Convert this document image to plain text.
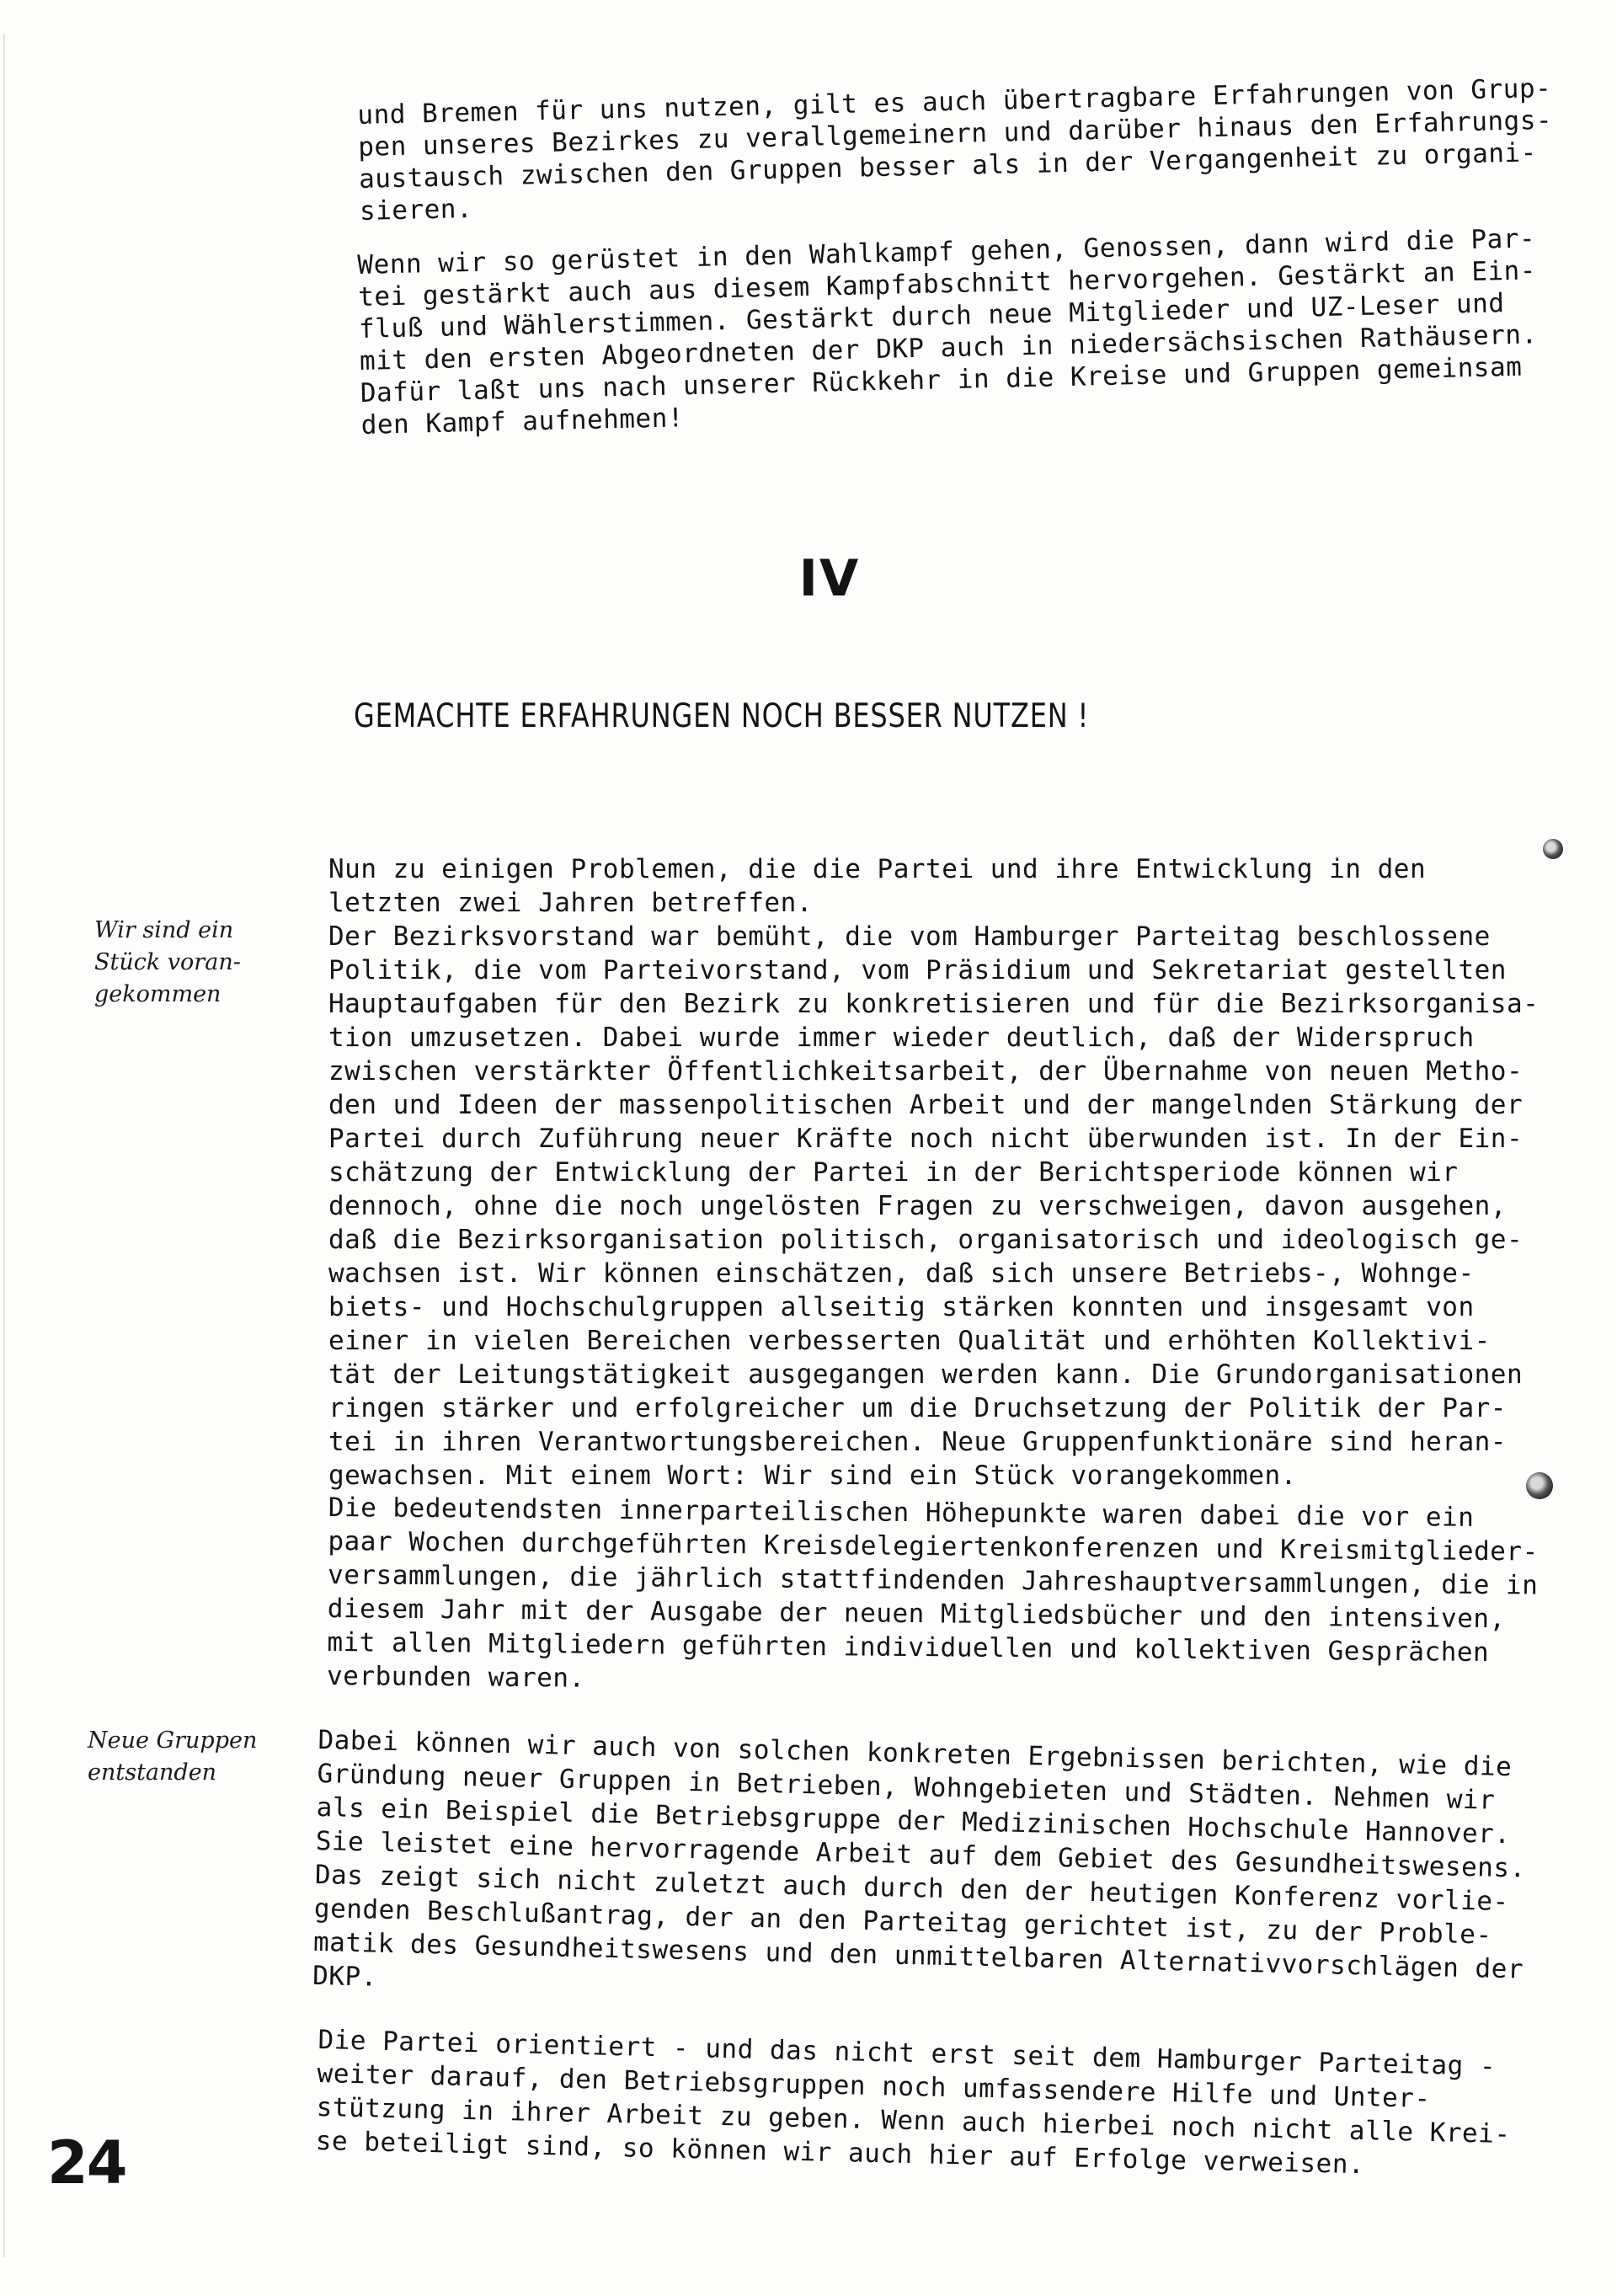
und Bremen für uns nutzen, gilt es auch übertragbare Erfahrungen von Grup-
pen unseres Bezirkes zu verallgemeinern und darüber hinaus den Erfahrungs-
austausch zwischen den Gruppen besser als in der Vergangenheit zu organi-
sieren.

Wenn wir so gerüstet in den Wahlkampf gehen, Genossen, dann wird die Par-
tei gestärkt auch aus diesem Kampfabschnitt hervorgehen. Gestärkt an Ein-
fluß und Wählerstimmen. Gestärkt durch neue Mitglieder und UZ-Leser und
mit den ersten Abgeordneten der DKP auch in niedersächsischen Rathäusern.
Dafür laßt uns nach unserer Rückkehr in die Kreise und Gruppen gemeinsam
den Kampf aufnehmen!

IV
GEMACHTE ERFAHRUNGEN NOCH BESSER NUTZEN !

Wir sind ein
Stück voran-
gekommen

Nun zu einigen Problemen, die die Partei und ihre Entwicklung in den
letzten zwei Jahren betreffen.
Der Bezirksvorstand war bemüht, die vom Hamburger Parteitag beschlossene
Politik, die vom Parteivorstand, vom Präsidium und Sekretariat gestellten
Hauptaufgaben für den Bezirk zu konkretisieren und für die Bezirksorganisa-
tion umzusetzen. Dabei wurde immer wieder deutlich, daß der Widerspruch
zwischen verstärkter Öffentlichkeitsarbeit, der Übernahme von neuen Metho-
den und Ideen der massenpolitischen Arbeit und der mangelnden Stärkung der
Partei durch Zuführung neuer Kräfte noch nicht überwunden ist. In der Ein-
schätzung der Entwicklung der Partei in der Berichtsperiode können wir
dennoch, ohne die noch ungelösten Fragen zu verschweigen, davon ausgehen,
daß die Bezirksorganisation politisch, organisatorisch und ideologisch ge-
wachsen ist. Wir können einschätzen, daß sich unsere Betriebs-, Wohnge-
biets- und Hochschulgruppen allseitig stärken konnten und insgesamt von
einer in vielen Bereichen verbesserten Qualität und erhöhten Kollektivi-
tät der Leitungstätigkeit ausgegangen werden kann. Die Grundorganisationen
ringen stärker und erfolgreicher um die Druchsetzung der Politik der Par-
tei in ihren Verantwortungsbereichen. Neue Gruppenfunktionäre sind heran-
gewachsen. Mit einem Wort: Wir sind ein Stück vorangekommen.

Die bedeutendsten innerparteilischen Höhepunkte waren dabei die vor ein
paar Wochen durchgeführten Kreisdelegiertenkonferenzen und Kreismitglieder-
versammlungen, die jährlich stattfindenden Jahreshauptversammlungen, die in
diesem Jahr mit der Ausgabe der neuen Mitgliedsbücher und den intensiven,
mit allen Mitgliedern geführten individuellen und kollektiven Gesprächen
verbunden waren.

Neue Gruppen
entstanden	Dabei können wir auch von solchen konkreten Ergebnissen berichten, wie die
Gründung neuer Gruppen in Betrieben, Wohngebieten und Städten. Nehmen wir
als ein Beispiel die Betriebsgruppe der Medizinischen Hochschule Hannover.
Sie leistet eine hervorragende Arbeit auf dem Gebiet des Gesundheitswesens.
Das zeigt sich nicht zuletzt auch durch den der heutigen Konferenz vorlie-
genden Beschlußantrag, der an den Parteitag gerichtet ist, zu der Proble-
matik des Gesundheitswesens und den unmittelbaren Alternativvorschlägen der
DKP.

Die Partei orientiert - und das nicht erst seit dem Hamburger Parteitag -
weiter darauf, den Betriebsgruppen noch umfassendere Hilfe und Unter-
stützung in ihrer Arbeit zu geben. Wenn auch hierbei noch nicht alle Krei-
se beteiligt sind, so können wir auch hier auf Erfolge verweisen.

24
